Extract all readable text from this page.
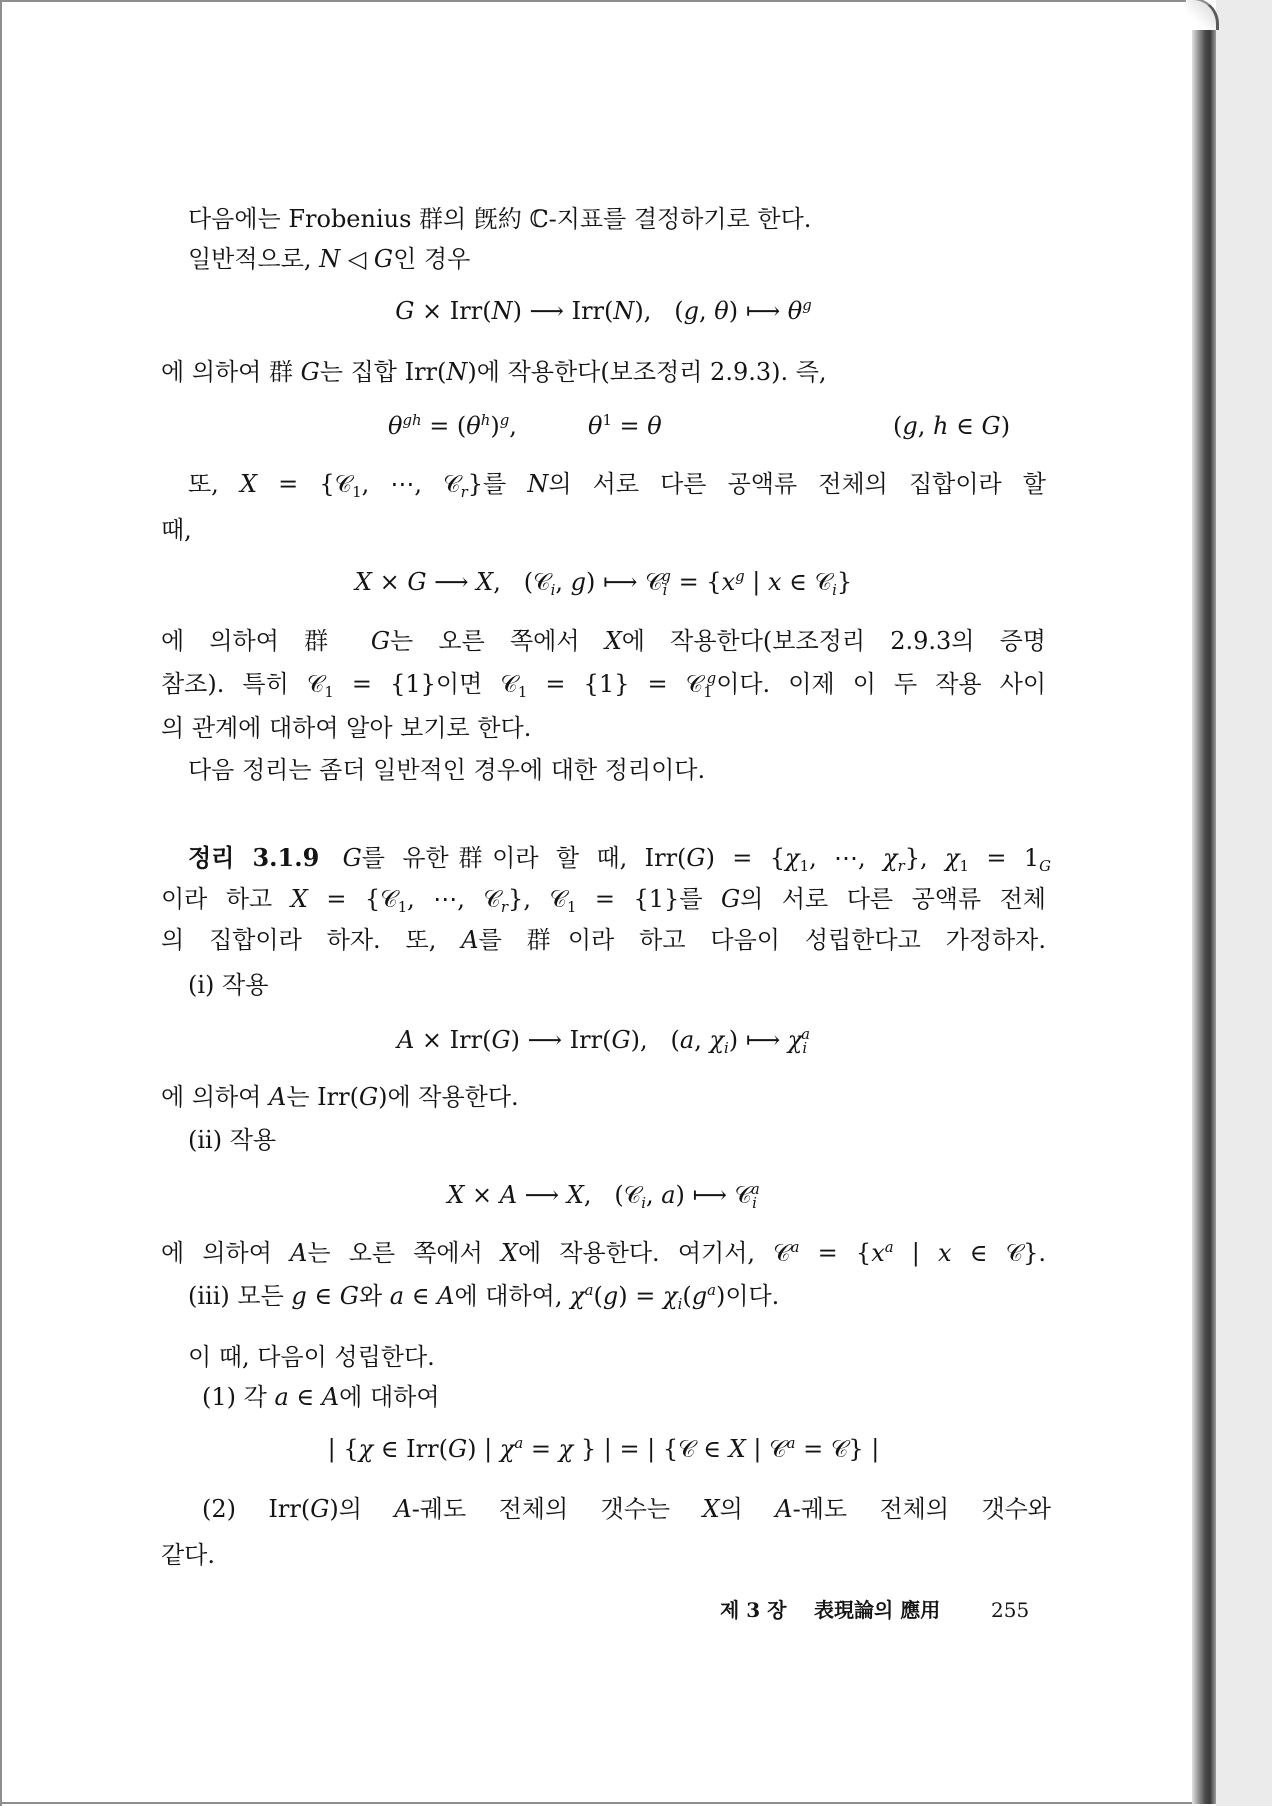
다음에는 Frobenius 群의 旣約 ℂ-지표를 결정하기로 한다.
일반적으로, N ◁ G인 경우
G × Irr(N) ⟶ Irr(N),   (g, θ) ⟼ $\theta^g$
에 의하여 群 G는 집합 Irr(N)에 작용한다(보조정리 2.9.3). 즉,
$\theta^{gh} = (\theta^h)^g$,	$\theta^1 = \theta$	(g, h ∈ G)
또, X = {𝒞1, ⋯, 𝒞r}를 N의 서로 다른 공액류 전체의 집합이라 할
때,
X × G ⟶ X,   (𝒞i, g) ⟼ 𝒞i$^g$ = {$x^g$ | x ∈ 𝒞i}
에 의하여 群 G는 오른 쪽에서 X에 작용한다(보조정리 2.9.3의 증명
참조). 특히 𝒞1 = {1}이면 𝒞1 = $\{1\} = 𝒞1^g$이다. 이제 이 두 작용 사이
의 관계에 대하여 알아 보기로 한다.
다음 정리는 좀더 일반적인 경우에 대한 정리이다.
정리 3.1.9 G를 유한群이라 할 때, Irr(G) = {χ1, ⋯, χr}, χ1 = 1G
이라 하고 X = {𝒞1, ⋯, 𝒞r}, 𝒞1 = {1}를 G의 서로 다른 공액류 전체
의 집합이라 하자. 또, A를 群이라 하고 다음이 성립한다고 가정하자.
(i) 작용
A × Irr(G) ⟶ Irr(G),   (a, χi) ⟼ $\chi i^a$
에 의하여 A는 Irr(G)에 작용한다.
(ii) 작용
X × A ⟶ X,   (𝒞i, a) ⟼ 𝒞i$^a$
에 의하여 A는 오른 쪽에서 X에 작용한다. 여기서, 𝒞$^a$ = {$x^a$ | x ∈ 𝒞}.
(iii) 모든 g ∈ G와 a ∈ A에 대하여, $\chi^a(g) = \chi i(g^a)$이다.
이 때, 다음이 성립한다.
(1) 각 a ∈ A에 대하여
| {χ ∈ Irr(G) | $\chi^a = \chi$ } | = | {𝒞 ∈ X | 𝒞$^a$ = 𝒞} |
(2) Irr(G)의 A-궤도 전체의 갯수는 X의 A-궤도 전체의 갯수와
같다.
제 3 장 表現論의 應用	255
